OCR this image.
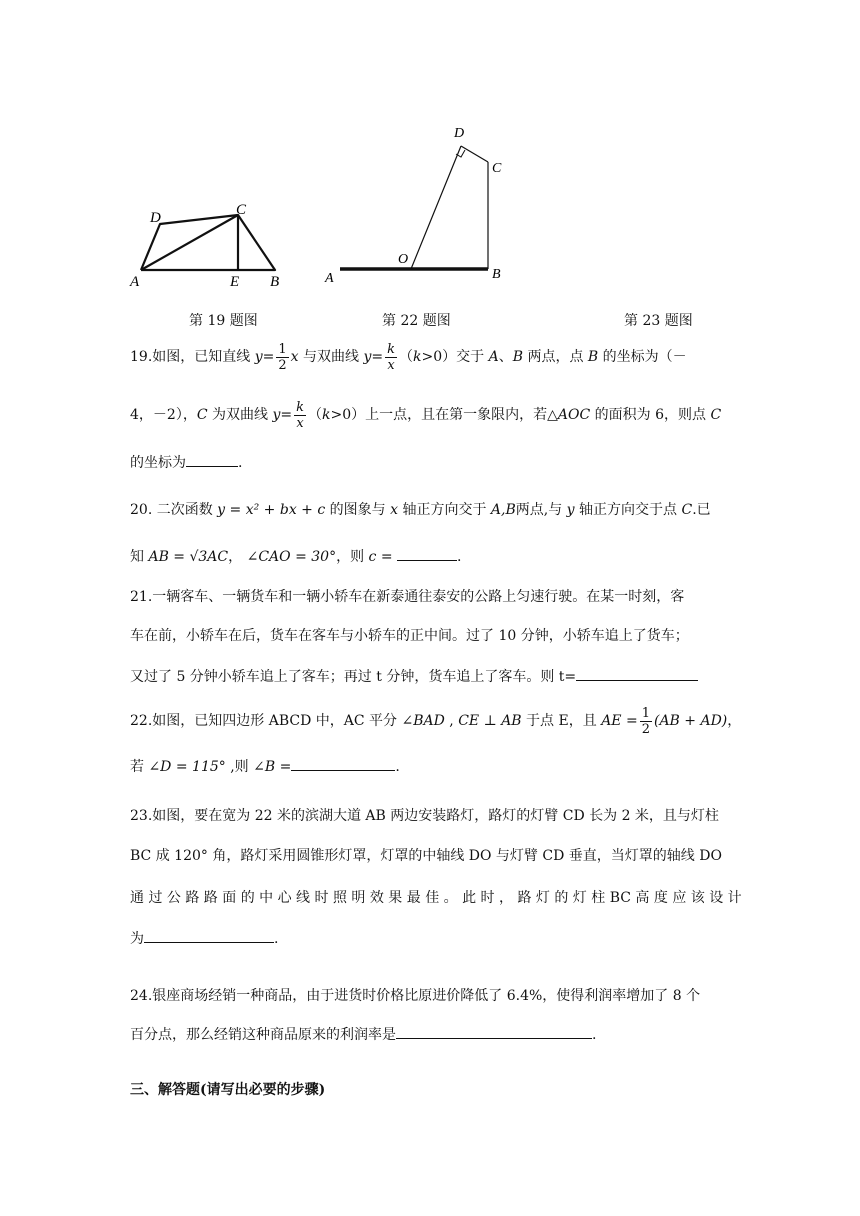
D	C
A	E B
D
C
O
A	B
第 19 题图	第 22 题图	第 23 题图
19.如图，已知直线 $y= \frac{1}{2}$ x 与双曲线 $y= \frac{k}{x} (k>0)$交于 A、B 两点，点 B 的坐标为（－
4，－2），C 为双曲线 $y= \frac{k}{x} (k>0)$上一点，且在第一象限内，若△AOC 的面积为 6，则点 C
的坐标为	.
20. 二次函数 y = x² + bx + c 的图象与 x 轴正方向交于 A,B两点,与 y 轴正方向交于点 C.已
知 AB = √3AC， ∠CAO = 30°，则 c =	.
21.一辆客车、一辆货车和一辆小轿车在新泰通往泰安的公路上匀速行驶。在某一时刻，客
车在前，小轿车在后，货车在客车与小轿车的正中间。过了 10 分钟，小轿车追上了货车；
又过了 5 分钟小轿车追上了客车；再过 t 分钟，货车追上了客车。则 t=
22.如图，已知四边形 ABCD 中，AC 平分 ∠BAD , CE ⊥ AB 于点 E，且 AE = $\frac{1}{2} (AB + AD)$，
若 ∠D = 115° ,则 ∠B =	.
23.如图，要在宽为 22 米的滨湖大道 AB 两边安装路灯，路灯的灯臂 CD 长为 2 米，且与灯柱
BC 成 120° 角，路灯采用圆锥形灯罩，灯罩的中轴线 DO 与灯臂 CD 垂直，当灯罩的轴线 DO
通 过 公 路 路 面 的 中 心 线 时 照 明 效 果 最 佳 。 此 时 ， 路 灯 的 灯 柱 BC 高 度 应 该 设 计
为	.
24.银座商场经销一种商品，由于进货时价格比原进价降低了 6.4%，使得利润率增加了 8 个
百分点，那么经销这种商品原来的利润率是	.
三、解答题(请写出必要的步骤)
